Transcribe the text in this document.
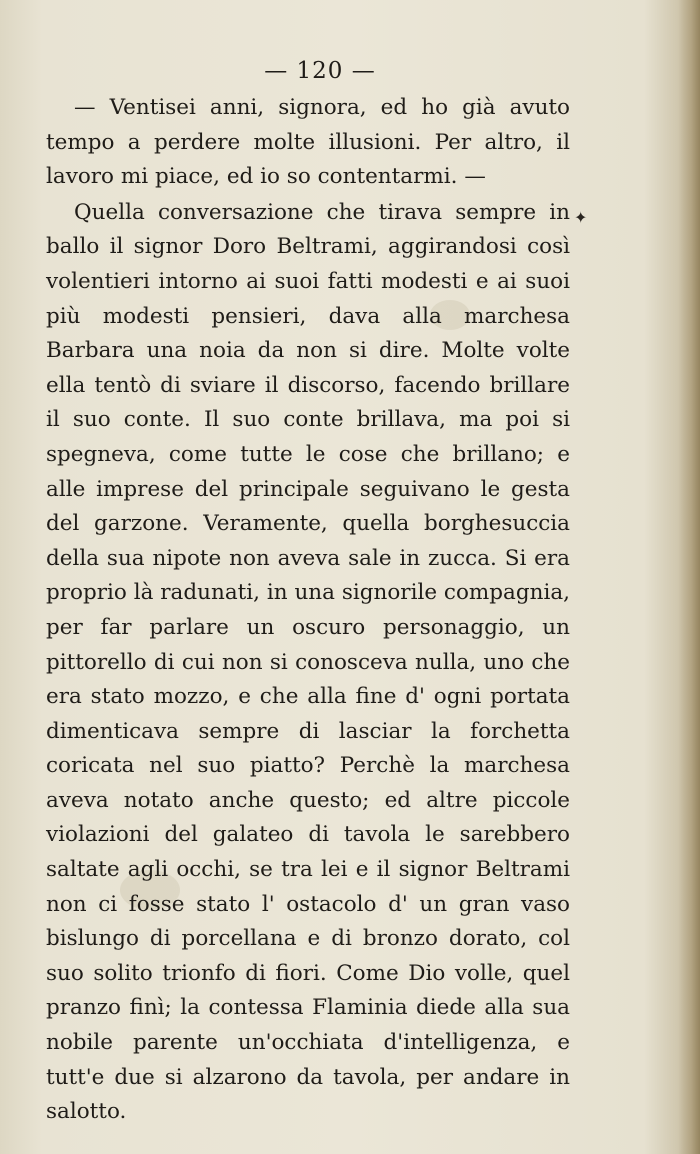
— 120 —

— Ventisei anni, signora, ed ho già avuto tempo a perdere molte illusioni. Per altro, il lavoro mi piace, ed io so contentarmi. —

Quella conversazione che tirava sempre in ballo il signor Doro Beltrami, aggirandosi così volentieri intorno ai suoi fatti modesti e ai suoi più modesti pensieri, dava alla marchesa Barbara una noia da non si dire. Molte volte ella tentò di sviare il discorso, facendo brillare il suo conte. Il suo conte brillava, ma poi si spegneva, come tutte le cose che brillano; e alle imprese del principale seguivano le gesta del garzone. Veramente, quella borghesuccia della sua nipote non aveva sale in zucca. Si era proprio là radunati, in una signorile compagnia, per far parlare un oscuro personaggio, un pittorello di cui non si conosceva nulla, uno che era stato mozzo, e che alla fine d' ogni portata dimenticava sempre di lasciar la forchetta coricata nel suo piatto? Perchè la marchesa aveva notato anche questo; ed altre piccole violazioni del galateo di tavola le sarebbero saltate agli occhi, se tra lei e il signor Beltrami non ci fosse stato l' ostacolo d' un gran vaso bislungo di porcellana e di bronzo dorato, col suo solito trionfo di fiori. Come Dio volle, quel pranzo finì; la contessa Flaminia diede alla sua nobile parente un'occhiata d'intelligenza, e tutt'e due si alzarono da tavola, per andare in salotto.

✦
